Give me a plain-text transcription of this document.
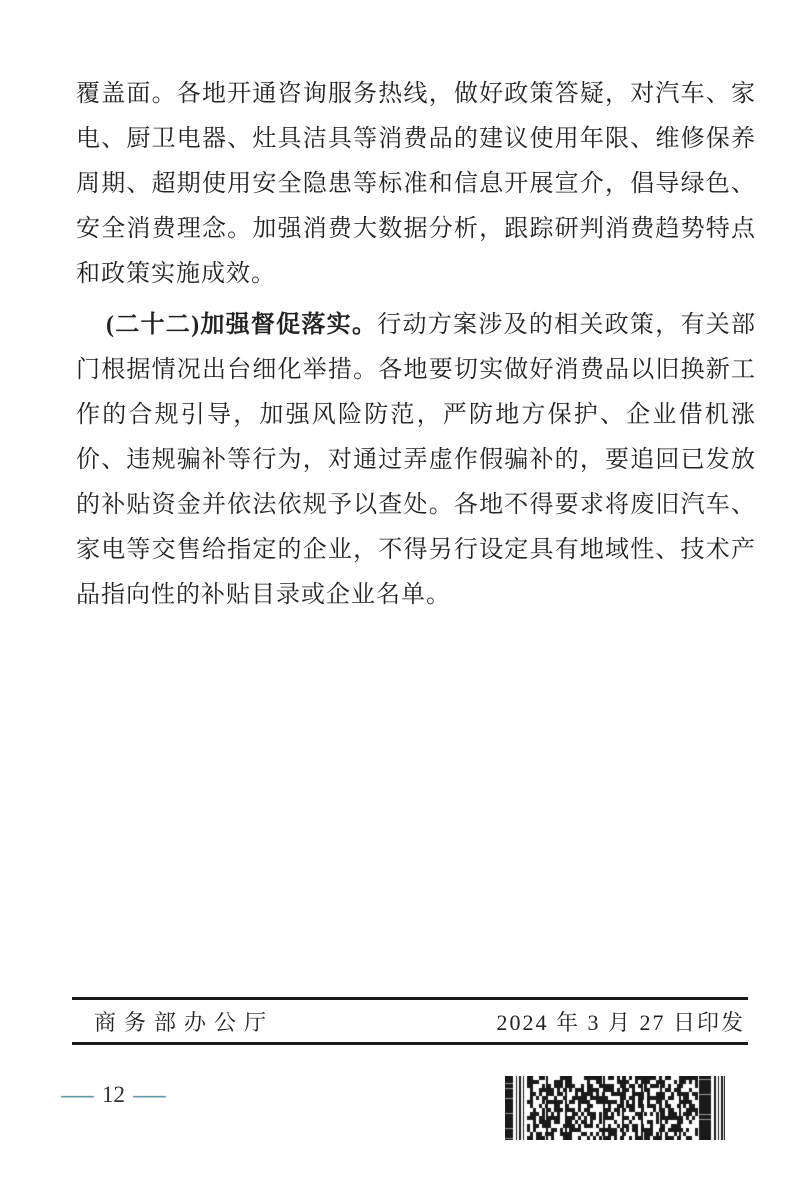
覆盖面。各地开通咨询服务热线，做好政策答疑，对汽车、家电、厨卫电器、灶具洁具等消费品的建议使用年限、维修保养周期、超期使用安全隐患等标准和信息开展宣介，倡导绿色、安全消费理念。加强消费大数据分析，跟踪研判消费趋势特点和政策实施成效。

(二十二)加强督促落实。行动方案涉及的相关政策，有关部门根据情况出台细化举措。各地要切实做好消费品以旧换新工作的合规引导，加强风险防范，严防地方保护、企业借机涨价、违规骗补等行为，对通过弄虚作假骗补的，要追回已发放的补贴资金并依法依规予以查处。各地不得要求将废旧汽车、家电等交售给指定的企业，不得另行设定具有地域性、技术产品指向性的补贴目录或企业名单。

商务部办公厅	2024 年 3 月 27 日印发
— 12 —
